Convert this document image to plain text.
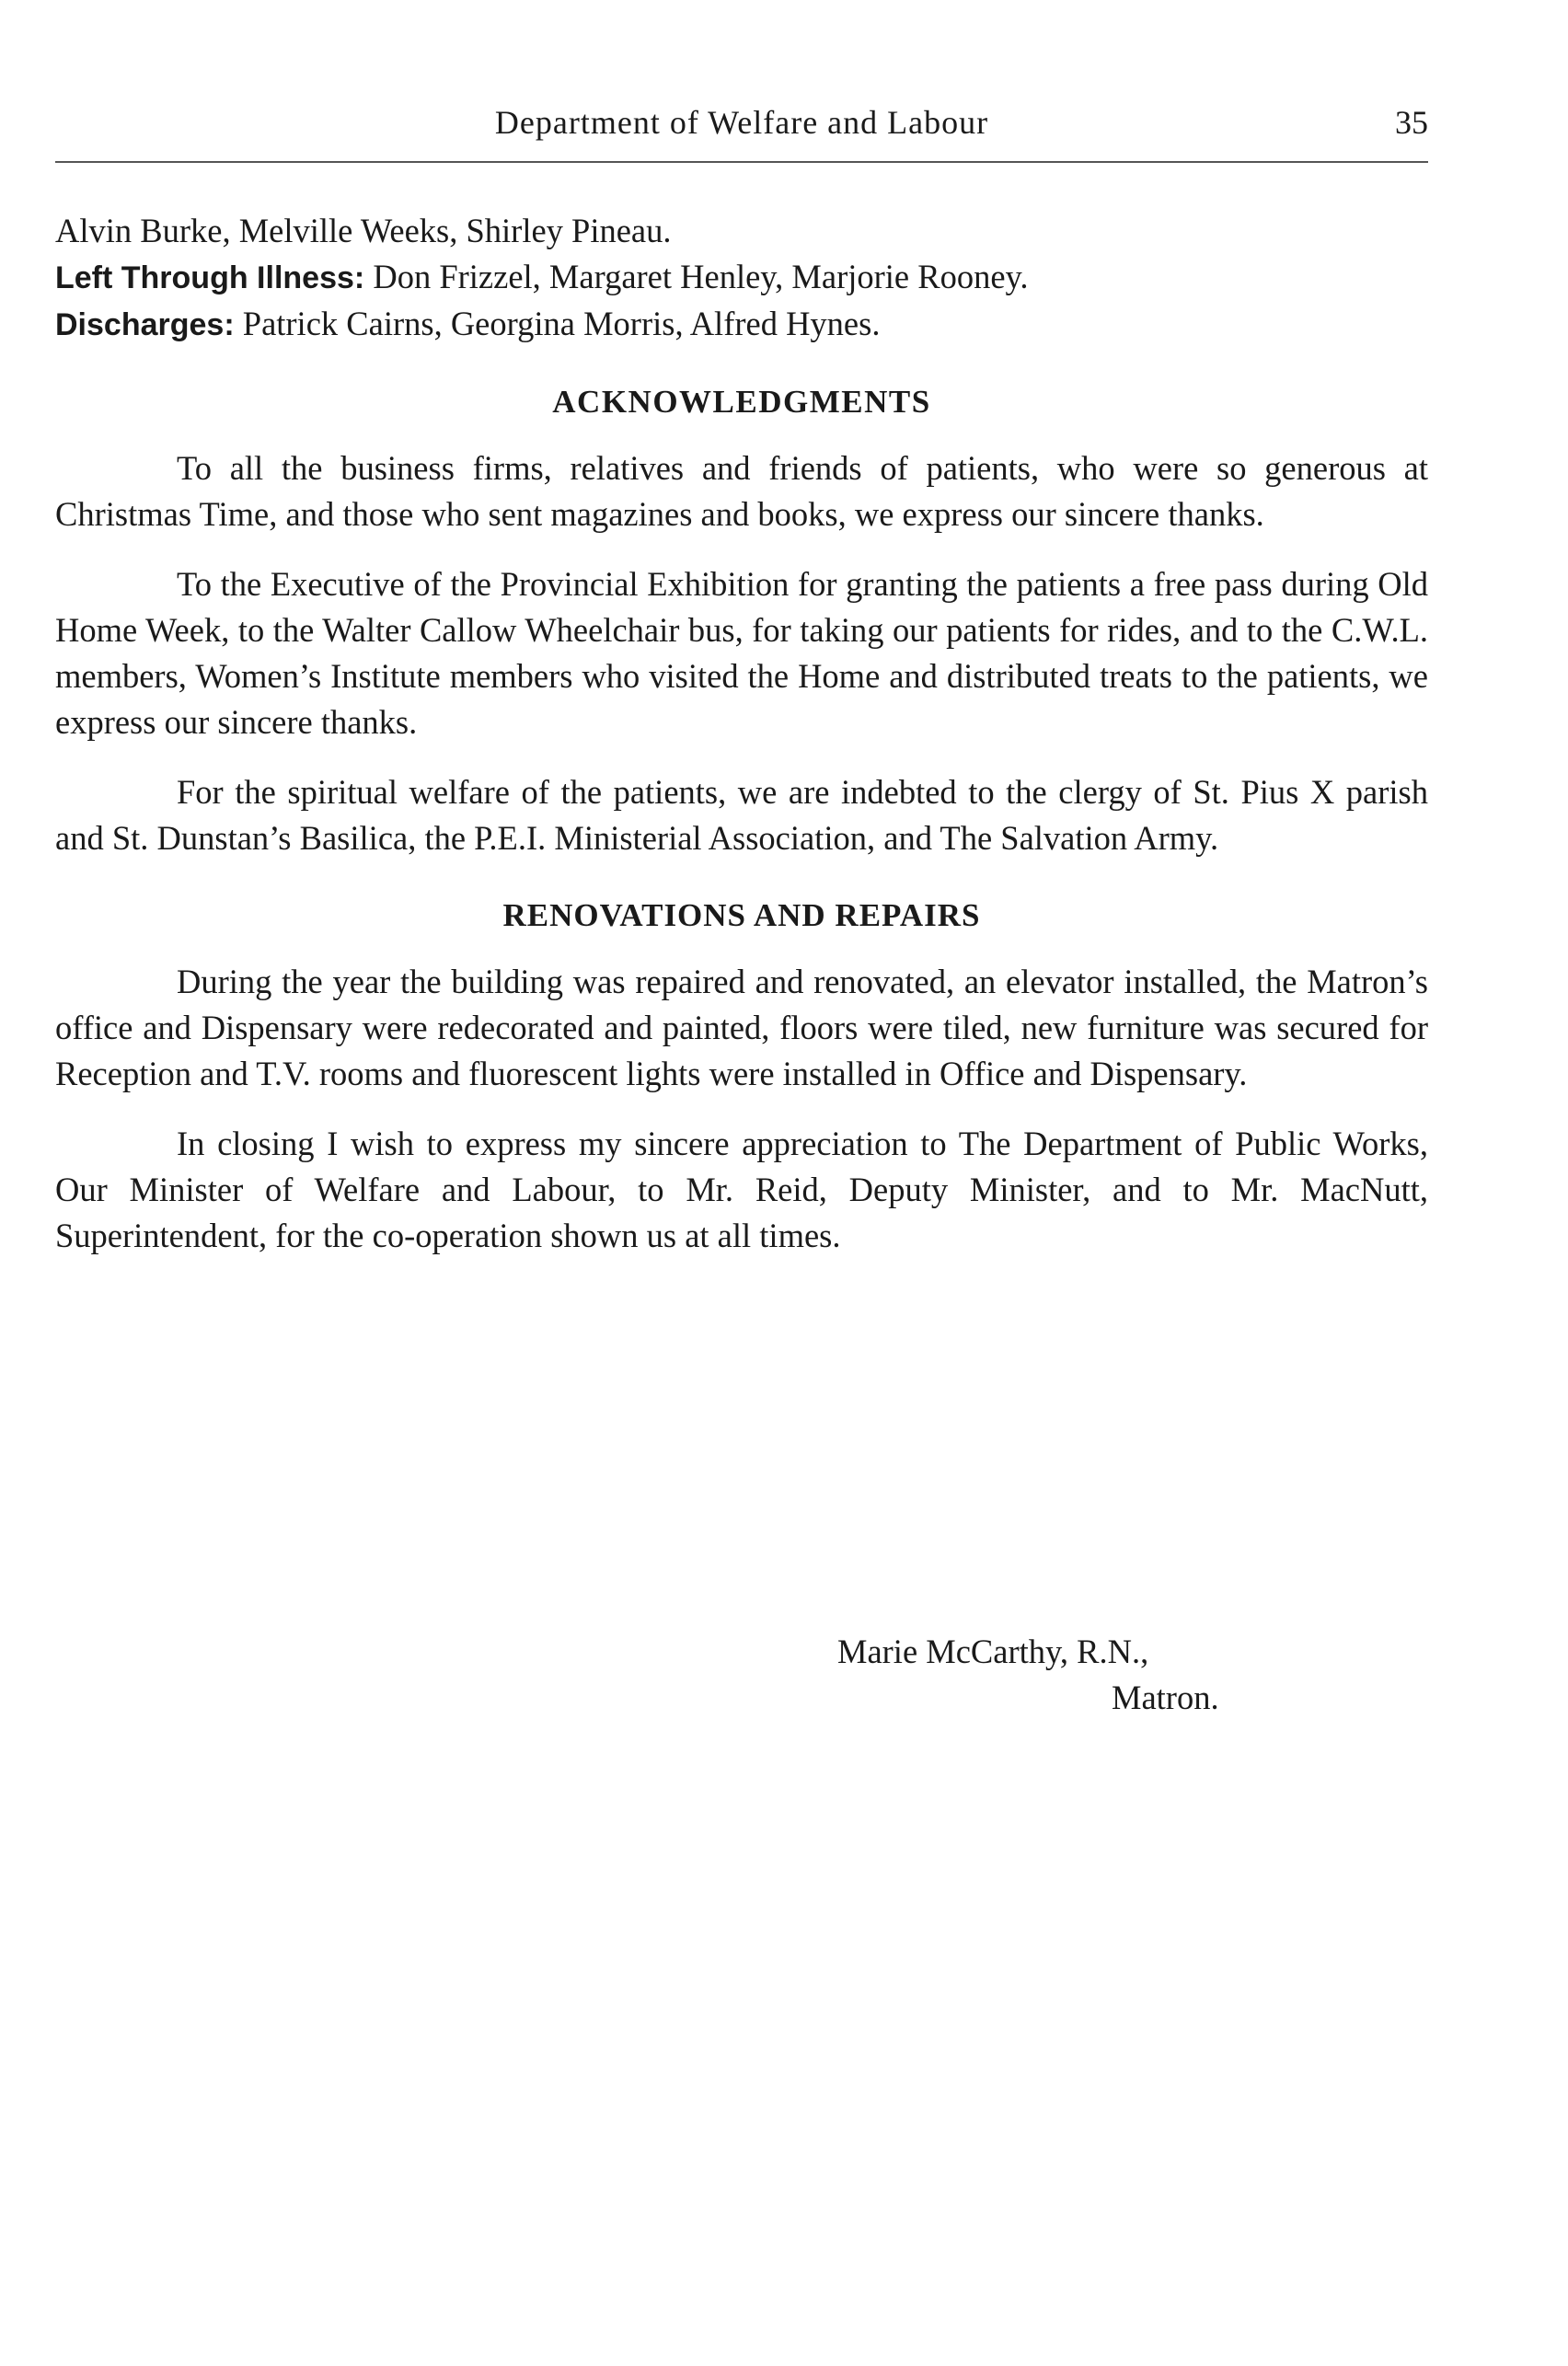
Department of Welfare and Labour	35

Alvin Burke, Melville Weeks, Shirley Pineau.

Left Through Illness: Don Frizzel, Margaret Henley, Marjorie Rooney.

Discharges: Patrick Cairns, Georgina Morris, Alfred Hynes.

ACKNOWLEDGMENTS

To all the business firms, relatives and friends of patients, who were so generous at Christmas Time, and those who sent magazines and books, we express our sincere thanks.

To the Executive of the Provincial Exhibition for granting the patients a free pass during Old Home Week, to the Walter Callow Wheelchair bus, for taking our patients for rides, and to the C.W.L. members, Women’s Institute members who visited the Home and distributed treats to the patients, we express our sincere thanks.

For the spiritual welfare of the patients, we are indebted to the clergy of St. Pius X parish and St. Dunstan’s Basilica, the P.E.I. Ministerial Association, and The Salvation Army.

RENOVATIONS AND REPAIRS

During the year the building was repaired and renovated, an elevator installed, the Matron’s office and Dispensary were redecorated and painted, floors were tiled, new furniture was secured for Reception and T.V. rooms and fluorescent lights were installed in Office and Dispensary.

In closing I wish to express my sincere appreciation to The Department of Public Works, Our Minister of Welfare and Labour, to Mr. Reid, Deputy Minister, and to Mr. MacNutt, Superintendent, for the co-operation shown us at all times.

Marie McCarthy, R.N.,

Matron.
